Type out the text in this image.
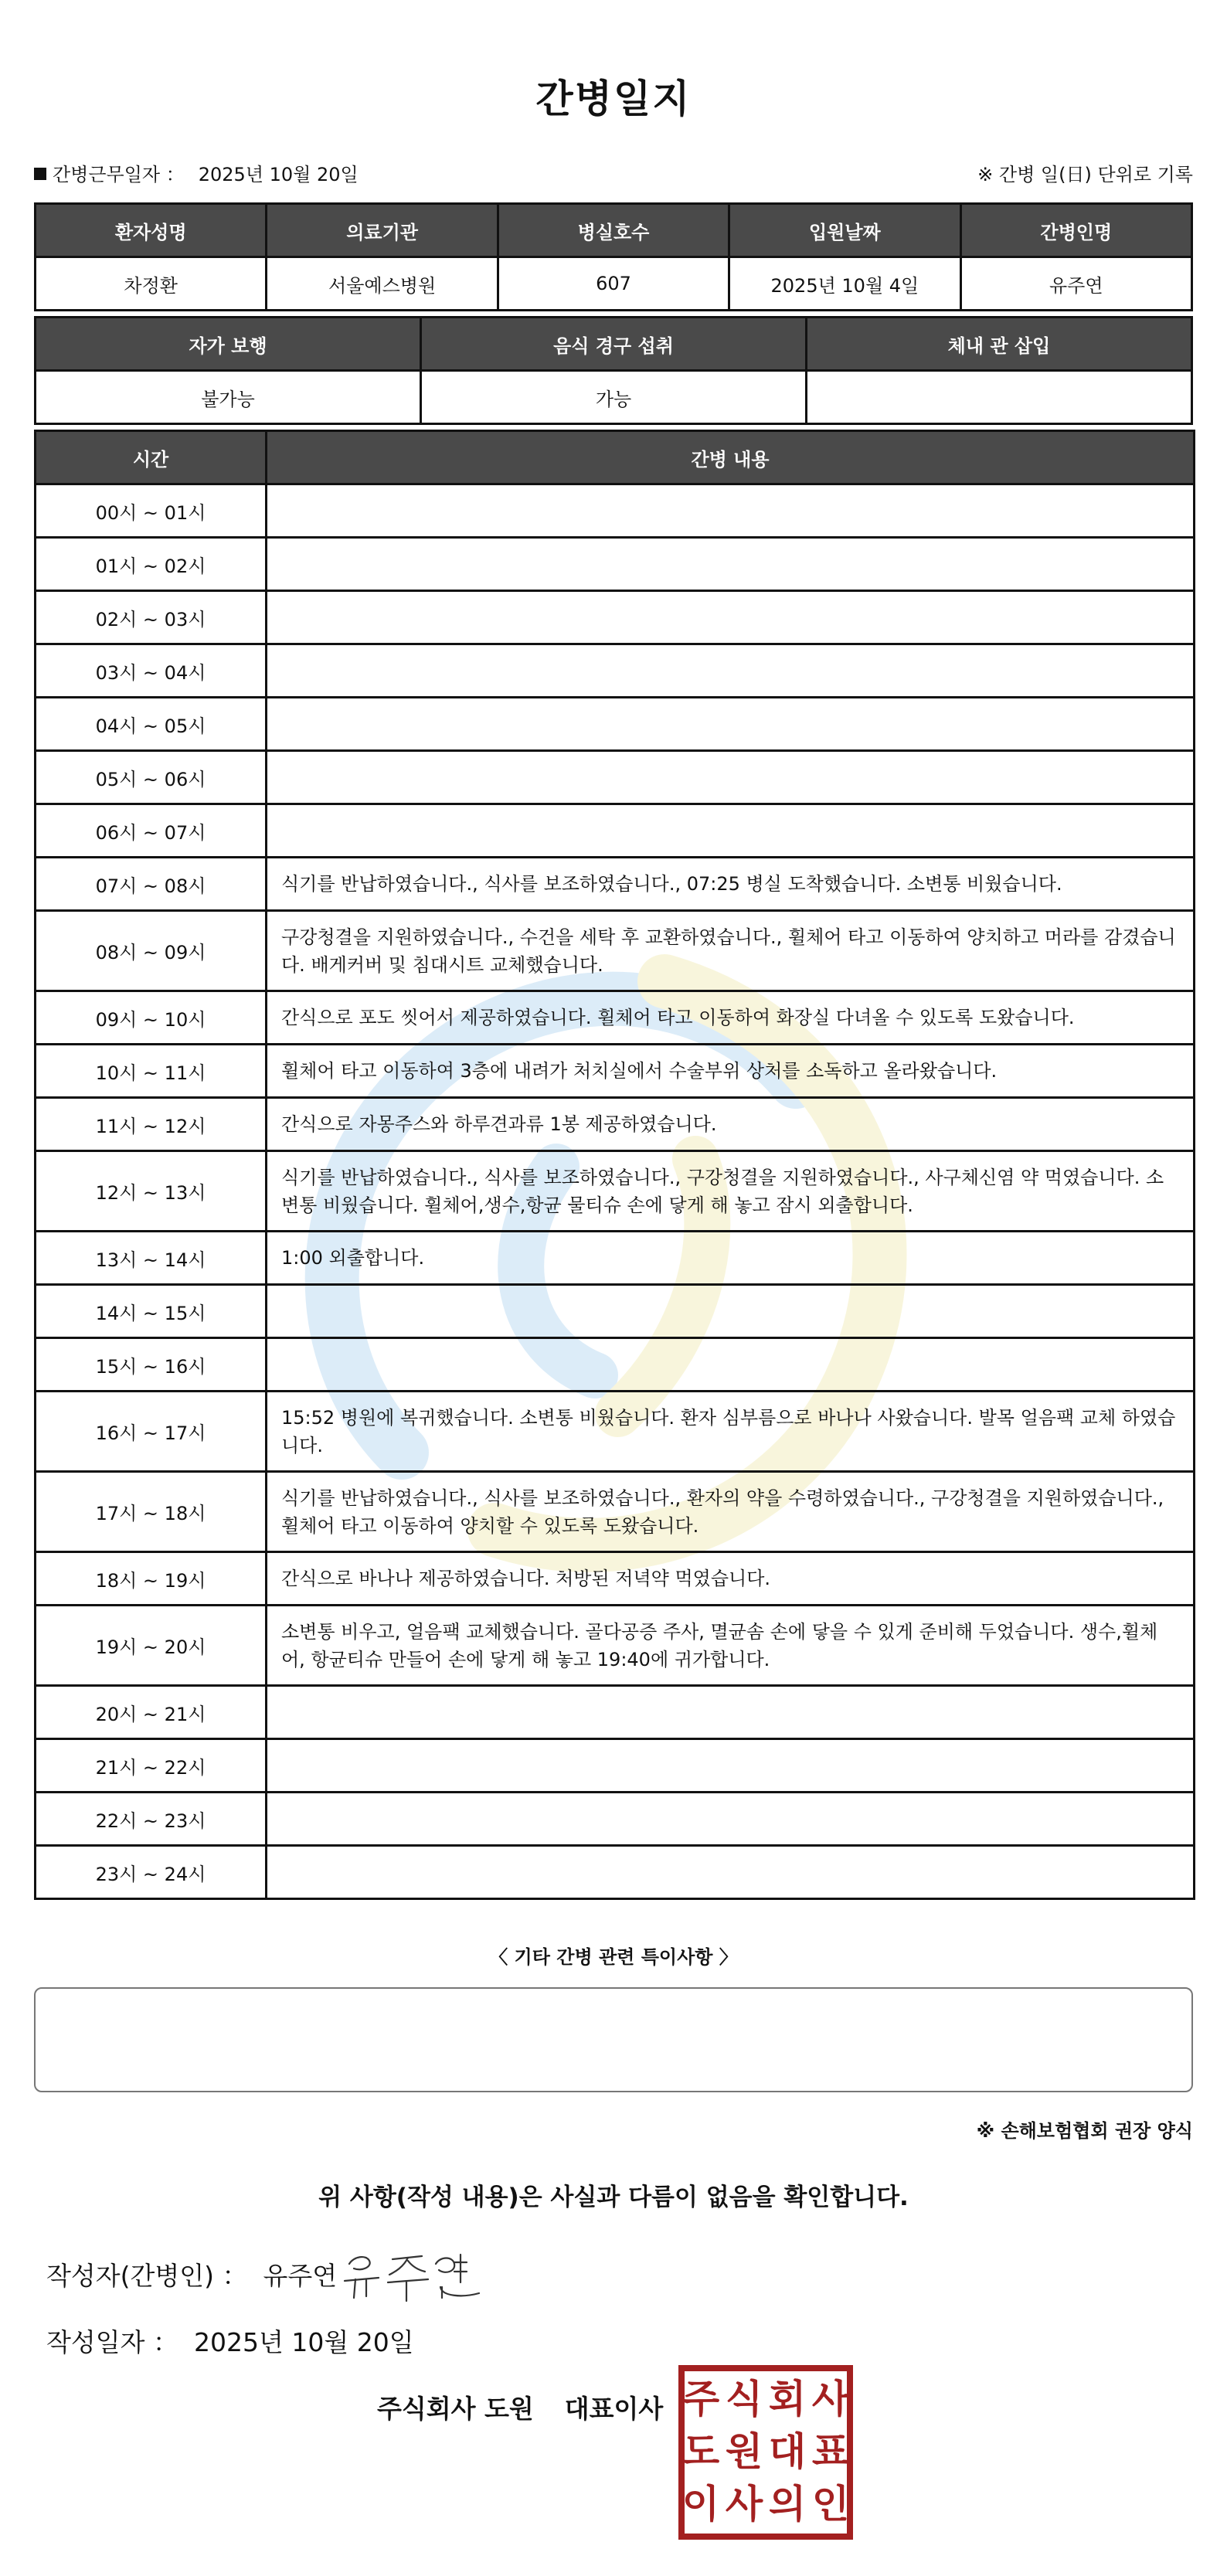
간병일지
간병근무일자 ： 2025년 10월 20일	※ 간병 일(日) 단위로 기록
환자성명	의료기관	병실호수	입원날짜	간병인명
차정환	서울예스병원	607	2025년 10월 4일	유주연
자가 보행	음식 경구 섭취	체내 관 삽입
불가능	가능	
시간	간병 내용
00시 ~ 01시	
01시 ~ 02시	
02시 ~ 03시	
03시 ~ 04시	
04시 ~ 05시	
05시 ~ 06시	
06시 ~ 07시	
07시 ~ 08시	식기를 반납하였습니다., 식사를 보조하였습니다., 07:25 병실 도착했습니다. 소변통 비웠습니다.
08시 ~ 09시	구강청결을 지원하였습니다., 수건을 세탁 후 교환하였습니다., 휠체어 타고 이동하여 양치하고 머라를 감겼습니다. 배게커버 및 침대시트 교체했습니다.
09시 ~ 10시	간식으로 포도 씻어서 제공하였습니다. 휠체어 타고 이동하여 화장실 다녀올 수 있도록 도왔습니다.
10시 ~ 11시	휠체어 타고 이동하여 3층에 내려가 처치실에서 수술부위 상처를 소독하고 올라왔습니다.
11시 ~ 12시	간식으로 자몽주스와 하루견과류 1봉 제공하였습니다.
12시 ~ 13시	식기를 반납하였습니다., 식사를 보조하였습니다., 구강청결을 지원하였습니다., 사구체신염 약 먹였습니다. 소변통 비웠습니다. 휠체어,생수,항균 물티슈 손에 닿게 해 놓고 잠시 외출합니다.
13시 ~ 14시	1:00 외출합니다.
14시 ~ 15시	
15시 ~ 16시	
16시 ~ 17시	15:52 병원에 복귀했습니다. 소변통 비웠습니다. 환자 심부름으로 바나나 사왔습니다. 발목 얼음팩 교체 하였습니다.
17시 ~ 18시	식기를 반납하였습니다., 식사를 보조하였습니다., 환자의 약을 수령하였습니다., 구강청결을 지원하였습니다., 휠체어 타고 이동하여 양치할 수 있도록 도왔습니다.
18시 ~ 19시	간식으로 바나나 제공하였습니다. 처방된 저녁약 먹였습니다.
19시 ~ 20시	소변통 비우고, 얼음팩 교체했습니다. 골다공증 주사, 멸균솜 손에 닿을 수 있게 준비해 두었습니다. 생수,휠체어, 항균티슈 만들어 손에 닿게 해 놓고 19:40에 귀가합니다.
20시 ~ 21시	
21시 ~ 22시	
22시 ~ 23시	
23시 ~ 24시	
〈 기타 간병 관련 특이사항 〉
※ 손해보험협회 권장 양식
위 사항(작성 내용)은 사실과 다름이 없음을 확인합니다.
작성자(간병인) ： 유주연
작성일자 ： 2025년 10월 20일
주식회사 도원 대표이사 주 식 회 사
도 원 대 표
이 사 의 인
